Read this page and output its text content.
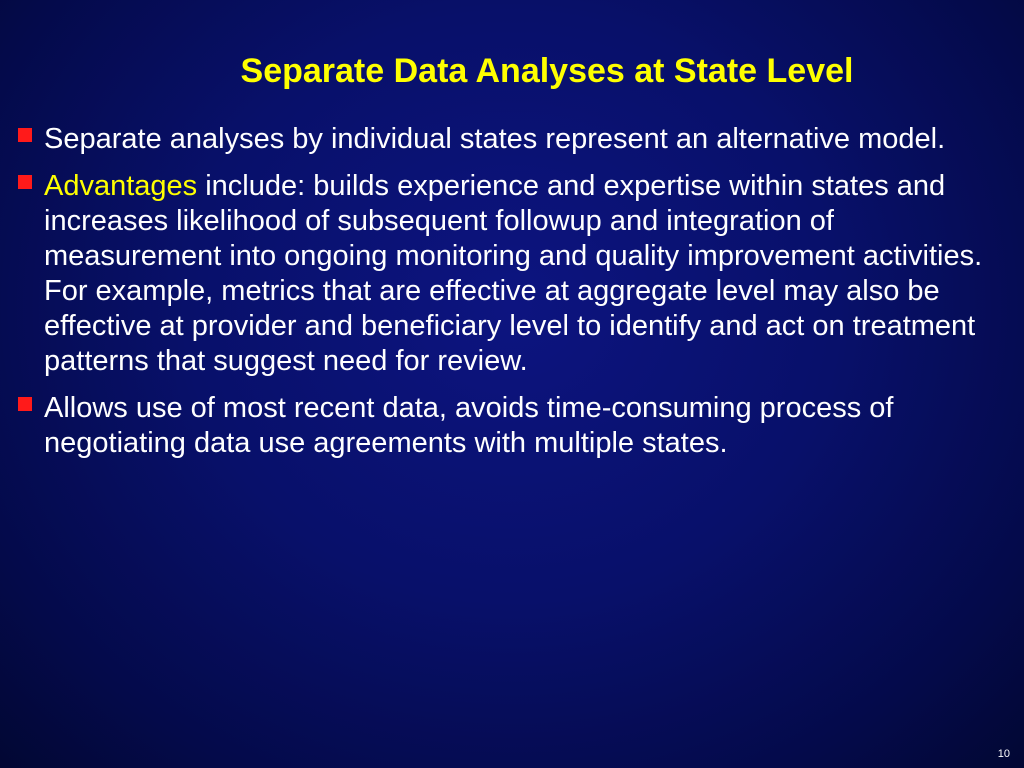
Separate Data Analyses at State Level
Separate analyses by individual states represent an alternative model.
Advantages include: builds experience and expertise within states and increases likelihood of subsequent followup and integration of measurement into ongoing monitoring and quality improvement activities. For example, metrics that are effective at aggregate level may also be effective at provider and beneficiary level to identify and act on treatment patterns that suggest need for review.
Allows use of most recent data, avoids time-consuming process of negotiating data use agreements with multiple states.
10
